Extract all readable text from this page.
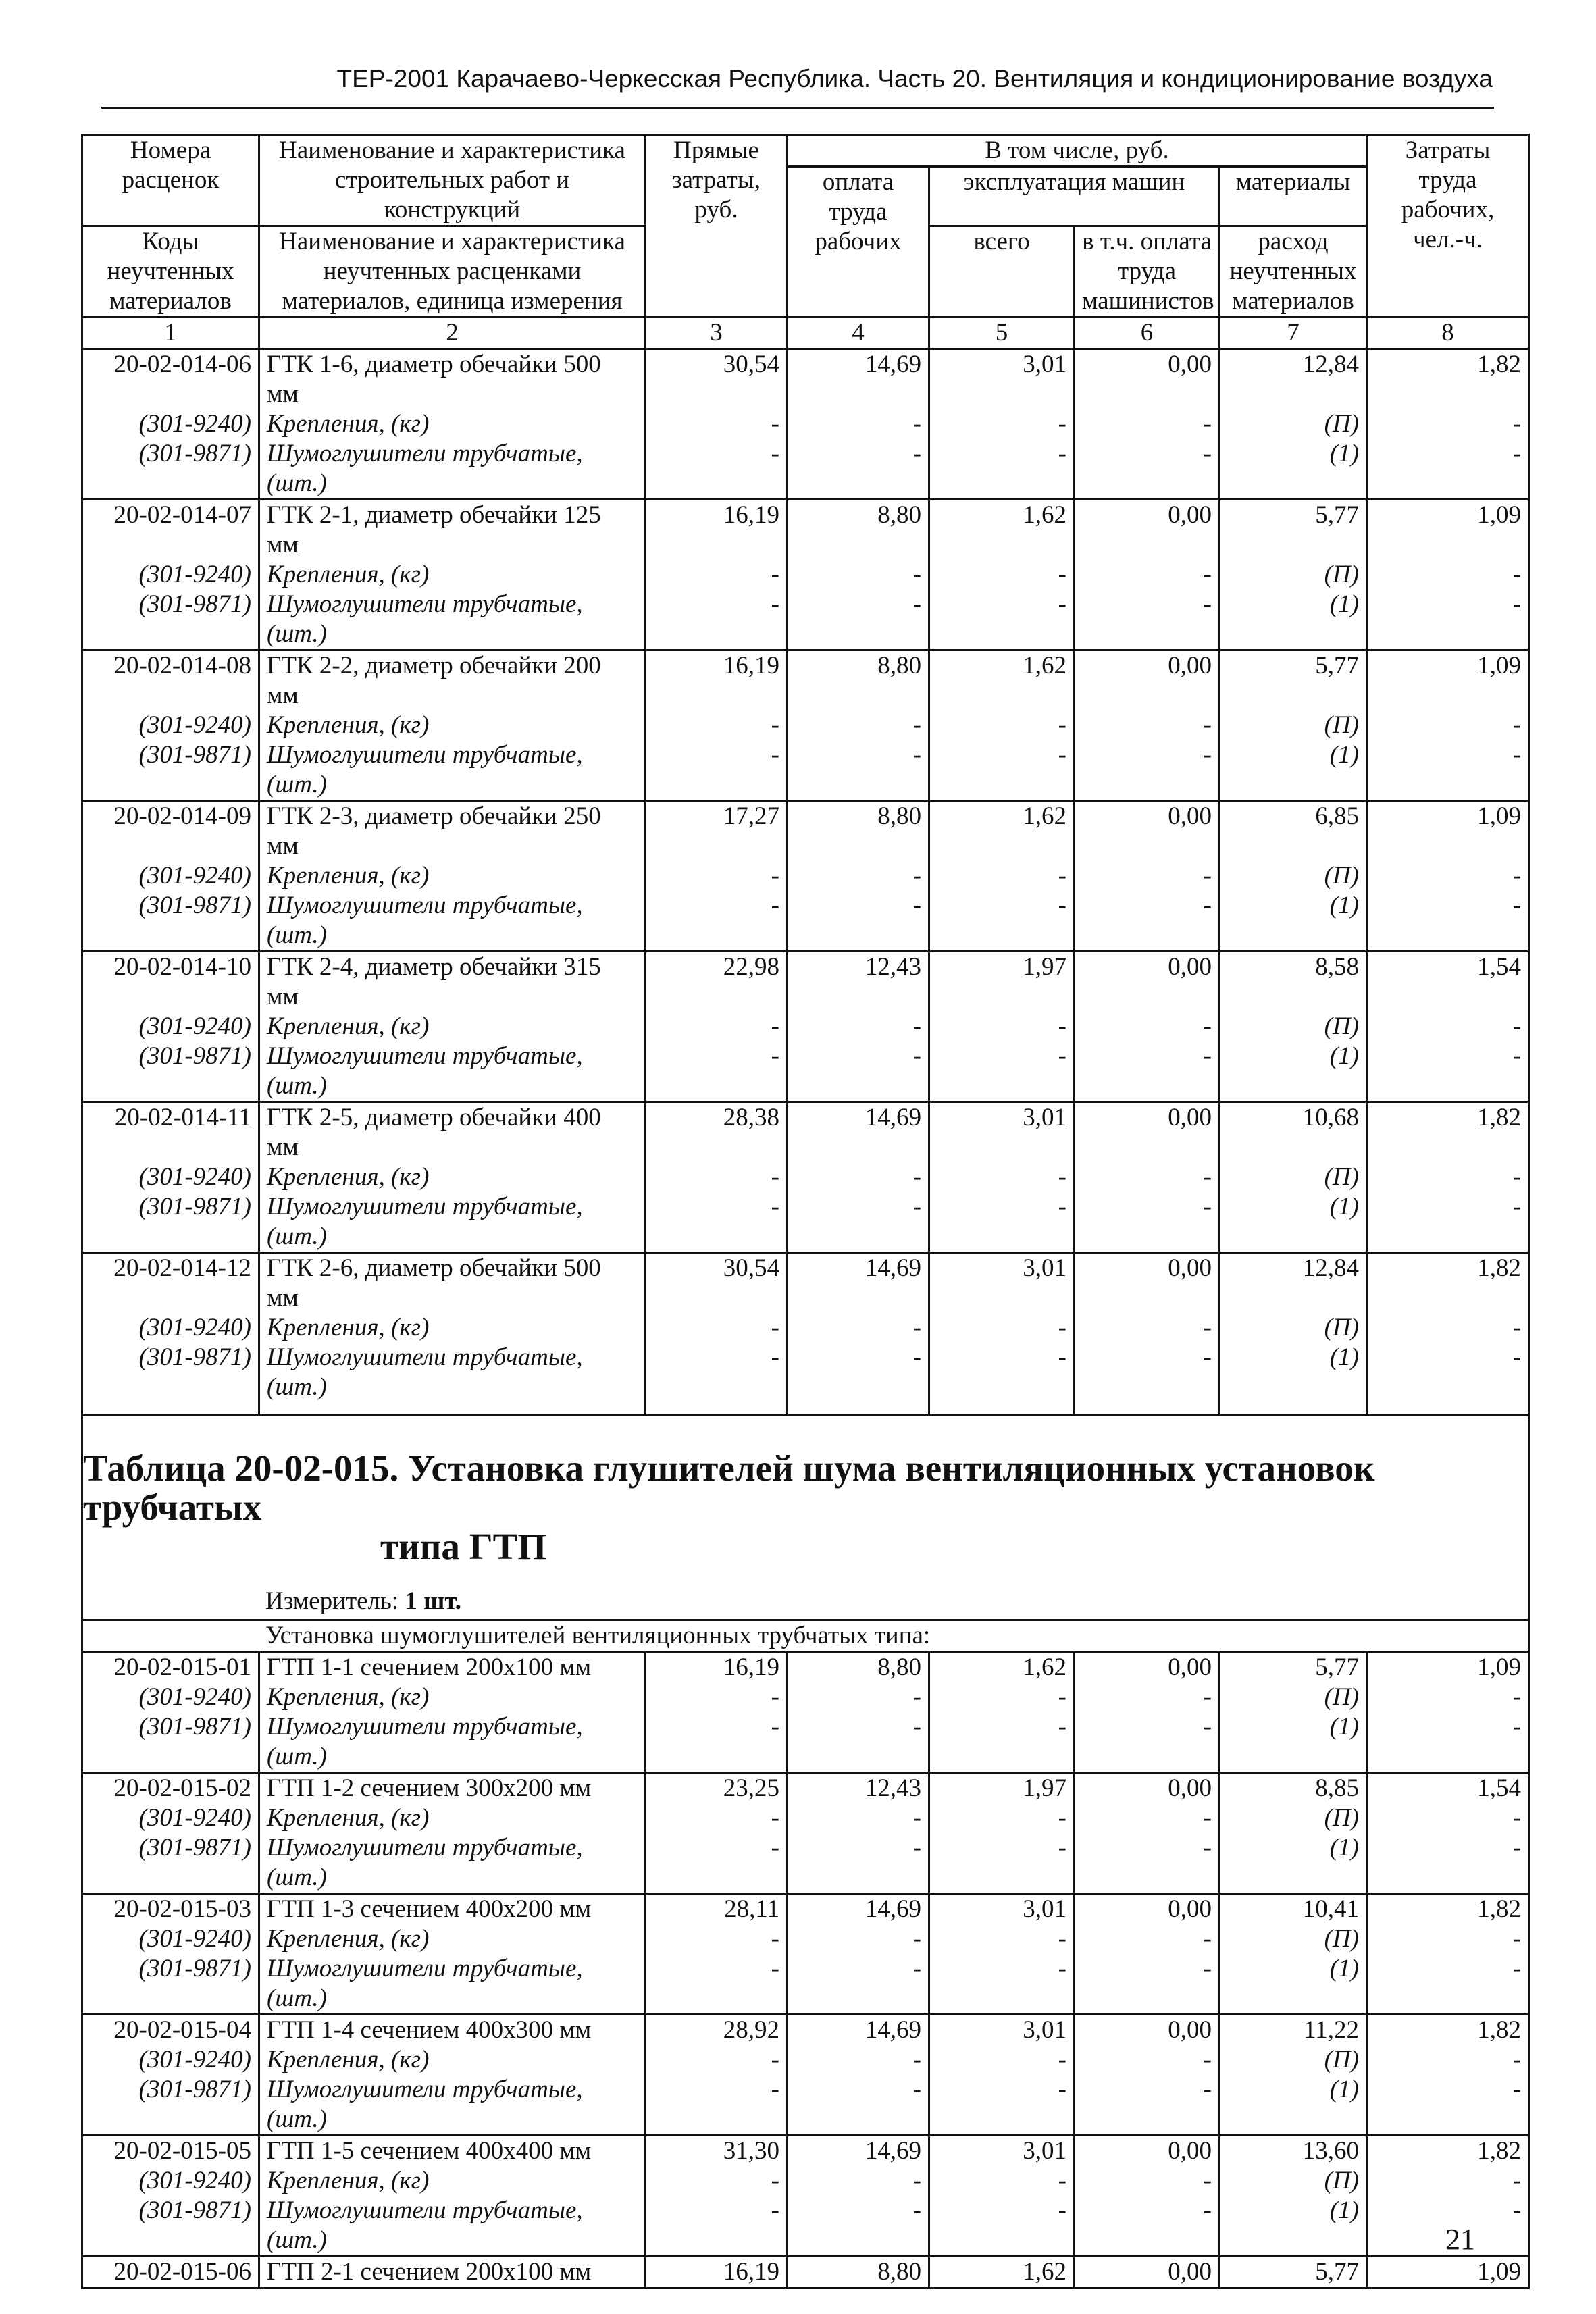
ТЕР-2001 Карачаево-Черкесская Республика. Часть 20. Вентиляция и кондиционирование воздуха
Номера расценок	Наименование и характеристика строительных работ и конструкций	Прямые затраты, руб.	В том числе, руб.				Затраты труда рабочих, чел.-ч.
			оплата труда рабочих	эксплуатация машин		материалы	
Коды неучтенных материалов	Наименование и характеристика неучтенных расценками материалов, единица измерения			всего	в т.ч. оплата труда машинистов	расход неучтенных материалов	

1	2	3	4	5	6	7	8
20-02-014-06	ГТК 1-6, диаметр обечайки 500 мм	30,54	14,69	3,01	0,00	12,84	1,82
(301-9240)	Крепления, (кг)	-	-	-	-	(П)	-
(301-9871)	Шумоглушители трубчатые, (шт.)	-	-	-	-	(1)	-
20-02-014-07	ГТК 2-1, диаметр обечайки 125 мм	16,19	8,80	1,62	0,00	5,77	1,09
(301-9240)	Крепления, (кг)	-	-	-	-	(П)	-
(301-9871)	Шумоглушители трубчатые, (шт.)	-	-	-	-	(1)	-
20-02-014-08	ГТК 2-2, диаметр обечайки 200 мм	16,19	8,80	1,62	0,00	5,77	1,09
(301-9240)	Крепления, (кг)	-	-	-	-	(П)	-
(301-9871)	Шумоглушители трубчатые, (шт.)	-	-	-	-	(1)	-
20-02-014-09	ГТК 2-3, диаметр обечайки 250 мм	17,27	8,80	1,62	0,00	6,85	1,09
(301-9240)	Крепления, (кг)	-	-	-	-	(П)	-
(301-9871)	Шумоглушители трубчатые, (шт.)	-	-	-	-	(1)	-
20-02-014-10	ГТК 2-4, диаметр обечайки 315 мм	22,98	12,43	1,97	0,00	8,58	1,54
(301-9240)	Крепления, (кг)	-	-	-	-	(П)	-
(301-9871)	Шумоглушители трубчатые, (шт.)	-	-	-	-	(1)	-
20-02-014-11	ГТК 2-5, диаметр обечайки 400 мм	28,38	14,69	3,01	0,00	10,68	1,82
(301-9240)	Крепления, (кг)	-	-	-	-	(П)	-
(301-9871)	Шумоглушители трубчатые, (шт.)	-	-	-	-	(1)	-
20-02-014-12	ГТК 2-6, диаметр обечайки 500 мм	30,54	14,69	3,01	0,00	12,84	1,82
(301-9240)	Крепления, (кг)	-	-	-	-	(П)	-
(301-9871)	Шумоглушители трубчатые, (шт.)	-	-	-	-	(1)	-

Таблица 20-02-015. Установка глушителей шума вентиляционных установок трубчатых
типа ГТП
Измеритель: 1 шт.							

Установка шумоглушителей вентиляционных трубчатых типа:							
20-02-015-01	ГТП 1-1 сечением 200x100 мм	16,19	8,80	1,62	0,00	5,77	1,09
(301-9240)	Крепления, (кг)	-	-	-	-	(П)	-
(301-9871)	Шумоглушители трубчатые, (шт.)	-	-	-	-	(1)	-
20-02-015-02	ГТП 1-2 сечением 300x200 мм	23,25	12,43	1,97	0,00	8,85	1,54
(301-9240)	Крепления, (кг)	-	-	-	-	(П)	-
(301-9871)	Шумоглушители трубчатые, (шт.)	-	-	-	-	(1)	-
20-02-015-03	ГТП 1-3 сечением 400x200 мм	28,11	14,69	3,01	0,00	10,41	1,82
(301-9240)	Крепления, (кг)	-	-	-	-	(П)	-
(301-9871)	Шумоглушители трубчатые, (шт.)	-	-	-	-	(1)	-
20-02-015-04	ГТП 1-4 сечением 400x300 мм	28,92	14,69	3,01	0,00	11,22	1,82
(301-9240)	Крепления, (кг)	-	-	-	-	(П)	-
(301-9871)	Шумоглушители трубчатые, (шт.)	-	-	-	-	(1)	-
20-02-015-05	ГТП 1-5 сечением 400x400 мм	31,30	14,69	3,01	0,00	13,60	1,82
(301-9240)	Крепления, (кг)	-	-	-	-	(П)	-
(301-9871)	Шумоглушители трубчатые, (шт.)	-	-	-	-	(1)	-
20-02-015-06	ГТП 2-1 сечением 200x100 мм	16,19	8,80	1,62	0,00	5,77	1,09
21
